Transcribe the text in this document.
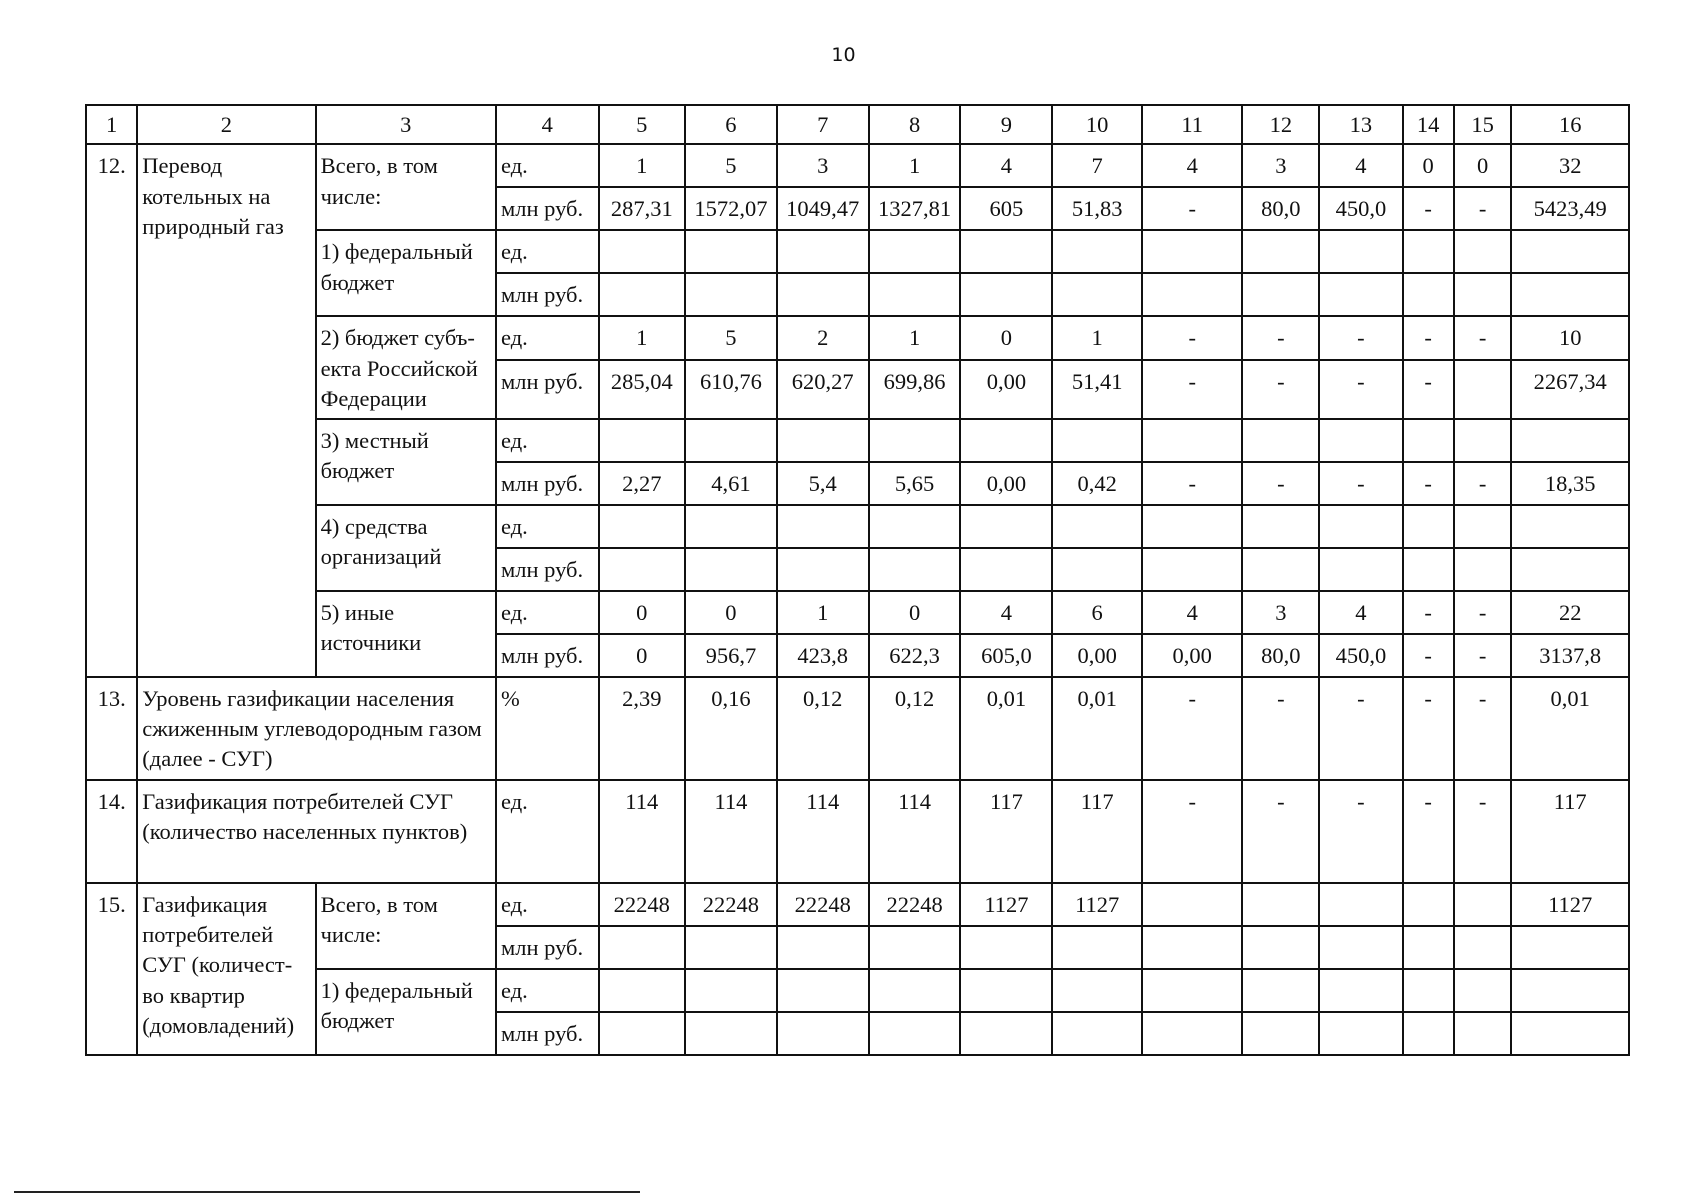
10
1	2	3	4	5	6	7	8	9	10	11	12	13	14	15	16
12.	Перевод котельных на природный газ	Всего, в том числе:	ед.	1	5	3	1	4	7	4	3	4	0	0	32
			млн руб.	287,31	1572,07	1049,47	1327,81	605	51,83	-	80,0	450,0	-	-	5423,49
		1) федеральный бюджет	ед.												
			млн руб.												
		2) бюджет субъ-екта Российской Федерации	ед.	1	5	2	1	0	1	-	-	-	-	-	10
			млн руб.	285,04	610,76	620,27	699,86	0,00	51,41	-	-	-	-		2267,34
		3) местный бюджет	ед.												
			млн руб.	2,27	4,61	5,4	5,65	0,00	0,42	-	-	-	-	-	18,35
		4) средства организаций	ед.												
			млн руб.												
		5) иные источники	ед.	0	0	1	0	4	6	4	3	4	-	-	22
			млн руб.	0	956,7	423,8	622,3	605,0	0,00	0,00	80,0	450,0	-	-	3137,8
13.	Уровень газификации населения сжиженным углеводородным газом (далее - СУГ)		%	2,39	0,16	0,12	0,12	0,01	0,01	-	-	-	-	-	0,01
14.	Газификация потребителей СУГ (количество населенных пунктов)		ед.	114	114	114	114	117	117	-	-	-	-	-	117
15.	Газификация потребителей СУГ (количест-во квартир (домовладений)	Всего, в том числе:	ед.	22248	22248	22248	22248	1127	1127						1127
			млн руб.												
		1) федеральный бюджет	ед.												
			млн руб.												
